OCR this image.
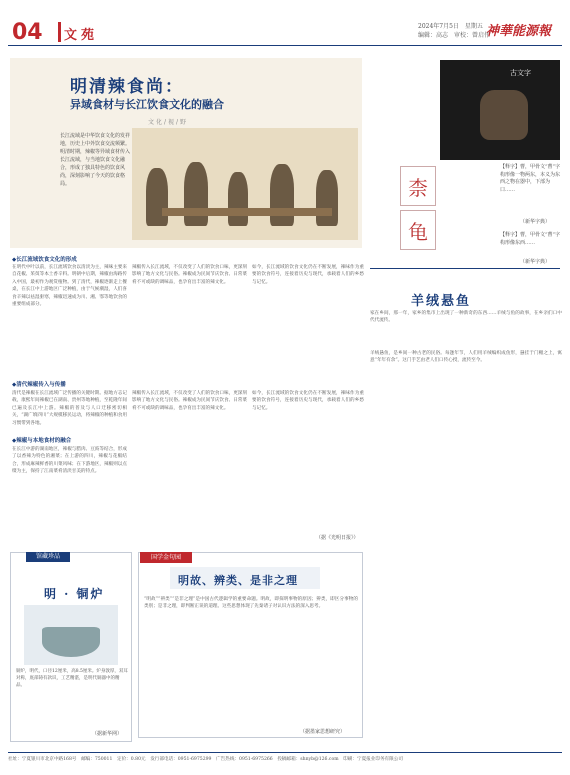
04 文苑
2024年7月5日　星期五
编辑：高志　审校：曾启伟
神華能源報
明清辣食尚：
异域食材与长江饮食文化的融合
文化/视/野
长江流域是中华饮食文化的发祥地，历史上中外饮食交流频繁。明清时期，辣椒等异域食材传入长江流域，与当地饮食文化融合，形成了独具特色的饮食风尚，深刻影响了今天的饮食格局。
古文字
柰
龟
【释字】曹，甲骨文“曹”字构形像一物两东，本义为东西之物在器中，下部为口……
（新华字典）
【释字】曹，甲骨文“曹”字构形像东西……
（新华字典）
羊绒悬鱼
家在乡间，那一年，家乡的集市上出现了一种新奇的东西……羊绒与鱼的故事，在乡亲们口中代代流传。
◆长江流域饮食文化的形成
在明代中叶以前，长江流域饮食以清淡为主，辣味主要来自花椒、茱萸等本土香辛料。明朝中后期，辣椒由海路传入中国，最初作为观赏植物。到了清代，辣椒逐渐走上餐桌，在长江中上游地区广泛种植，由于气候潮湿，人们喜食辛辣以祛湿驱寒，辣椒迅速成为川、湘、鄂等地饮食的重要组成部分。
辣椒传入长江流域，不仅改变了人们的饮食口味，更深刻影响了地方文化与民俗。辣椒成为民间节庆饮食、日常菜肴不可或缺的调味品，也孕育出丰富的辣文化。
如今，长江流域的饮食文化仍在不断发展，辣味作为重要的饮食符号，连接着历史与现代，承载着人们的乡愁与记忆。
◆清代辣椒传入与传播
清代是辣椒在长江流域广泛传播的关键时期。据地方志记载，康熙年间辣椒已在湖南、贵州等地种植，至乾隆年间已遍及长江中上游。辣椒的普及与人口迁移密切相关，“湖广填四川”大规模移民运动，将辣椒的种植和食用习惯带到各地。
◆辣椒与本地食材的融合
在长江中游的湖南地区，辣椒与腊肉、豆豉等结合，形成了以香辣为特色的湘菜；在上游的四川，辣椒与花椒结合，形成麻辣鲜香的川菜风味；在下游地区，辣椒则以点缀为主，保持了江南菜肴清淡甘美的特点。
辣椒传入长江流域，不仅改变了人们的饮食口味，更深刻影响了地方文化与民俗。辣椒成为民间节庆饮食、日常菜肴不可或缺的调味品，也孕育出丰富的辣文化。
如今，长江流域的饮食文化仍在不断发展，辣味作为重要的饮食符号，连接着历史与现代，承载着人们的乡愁与记忆。
（据《光明日报》）
羊绒悬鱼，是乡间一种古老的民俗。每逢年节，人们用羊绒编织成鱼形，悬挂于门楣之上，寓意“年年有余”。这门手艺由老人们口传心授，流传至今。
馆藏珍品
明 · 铜炉
铜炉，明代，口径12厘米，高8.5厘米。炉身敦厚，双耳对称，底部铸有款识，工艺精湛，是明代铜器中的精品。
（据新华网）
国学金句园
明故、辨类、是非之理
“明故”“辨类”“是非之理”是中国古代逻辑学的重要命题。明故，即探明事物的原因；辨类，即区分事物的类别；是非之理，即判断正误的道理。这些思想体现了先秦诸子对认识方法的深入思考。
（据墨家思想研究）
社址：宁夏银川市北京中路168号　邮编：750011　定价：0.80元　发行部电话：0951-6975299　广告热线：0951-6975266　投稿邮箱：shnyb@126.com　印刷：宁夏报业印务有限公司
